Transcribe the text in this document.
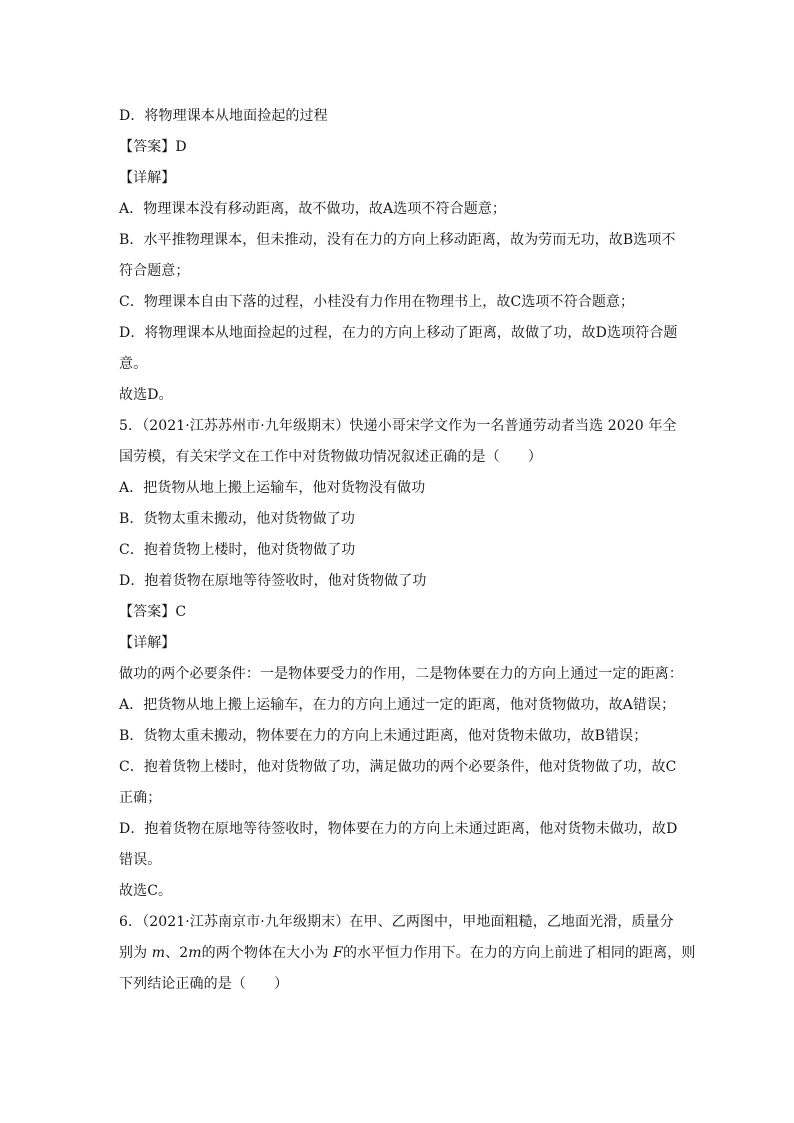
D．将物理课本从地面捡起的过程
【答案】D
【详解】
A．物理课本没有移动距离，故不做功，故A选项不符合题意；
B．水平推物理课本，但未推动，没有在力的方向上移动距离，故为劳而无功，故B选项不
符合题意；
C．物理课本自由下落的过程，小桂没有力作用在物理书上，故C选项不符合题意；
D．将物理课本从地面捡起的过程，在力的方向上移动了距离，故做了功，故D选项符合题
意。
故选D。
5．（2021·江苏苏州市·九年级期末）快递小哥宋学文作为一名普通劳动者当选 2020 年全
国劳模，有关宋学文在工作中对货物做功情况叙述正确的是（　　）
A．把货物从地上搬上运输车，他对货物没有做功
B．货物太重未搬动，他对货物做了功
C．抱着货物上楼时，他对货物做了功
D．抱着货物在原地等待签收时，他对货物做了功
【答案】C
【详解】
做功的两个必要条件：一是物体要受力的作用，二是物体要在力的方向上通过一定的距离：
A．把货物从地上搬上运输车，在力的方向上通过一定的距离，他对货物做功，故A错误；
B．货物太重未搬动，物体要在力的方向上未通过距离，他对货物未做功，故B错误；
C．抱着货物上楼时，他对货物做了功，满足做功的两个必要条件，他对货物做了功，故C
正确；
D．抱着货物在原地等待签收时，物体要在力的方向上未通过距离，他对货物未做功，故D
错误。
故选C。
6．（2021·江苏南京市·九年级期末）在甲、乙两图中，甲地面粗糙，乙地面光滑，质量分
别为 m、2m的两个物体在大小为 F的水平恒力作用下。在力的方向上前进了相同的距离，则
下列结论正确的是（　　）
